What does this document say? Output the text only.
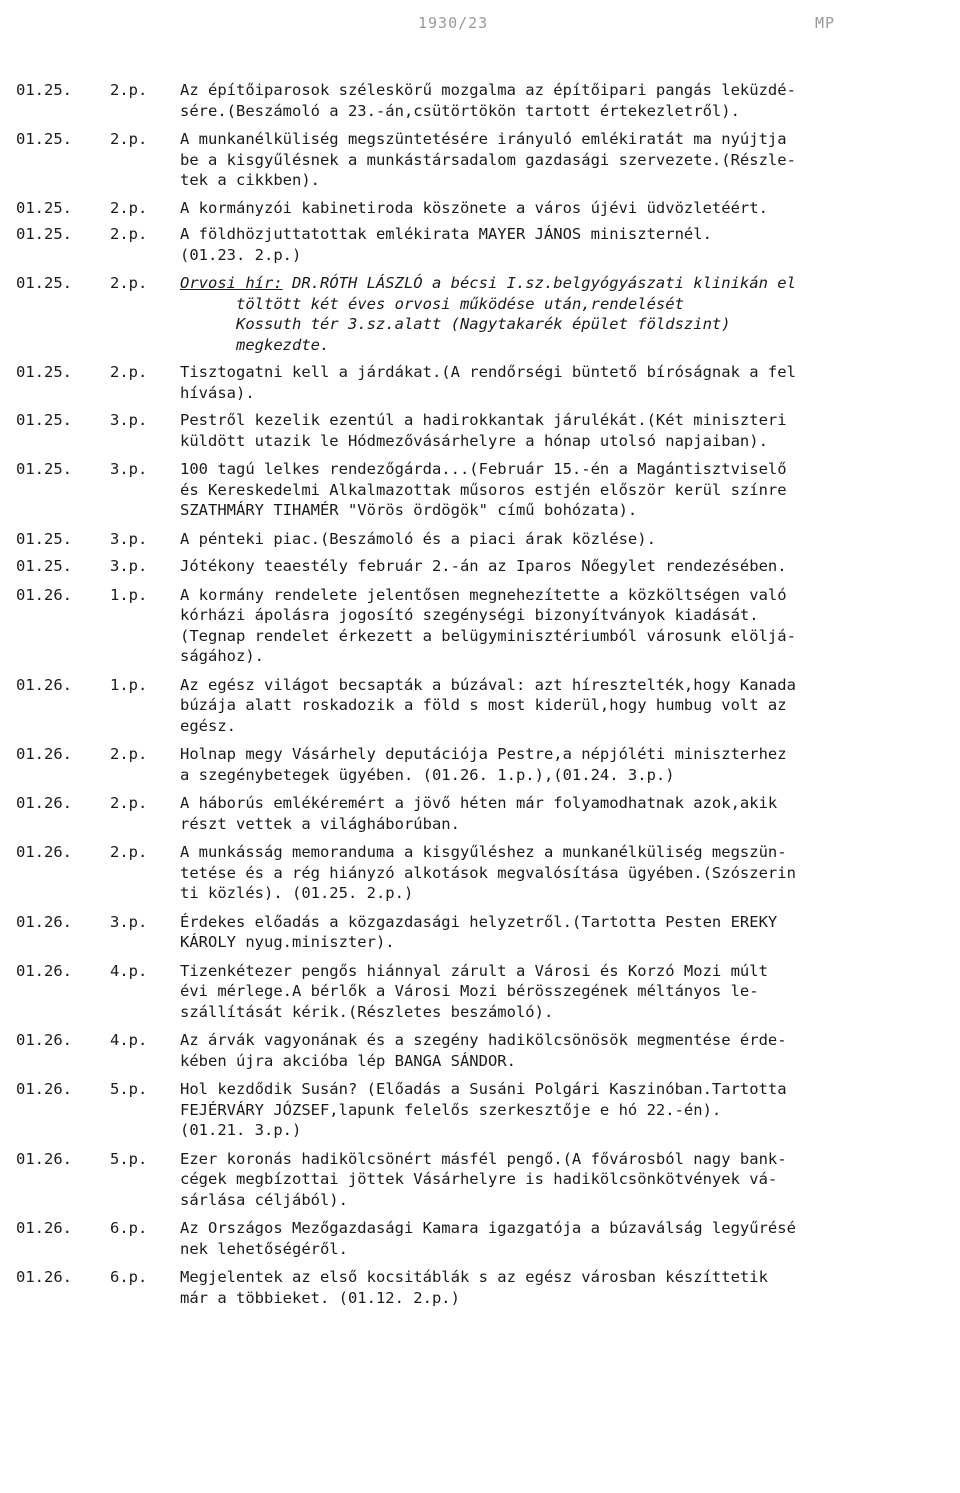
1930/23	MP
01.25. 2.p. Az építőiparosok széleskörű mozgalma az építőipari pangás leküzdé-
sére.(Beszámoló a 23.-án,csütörtökön tartott értekezletről).
01.25. 2.p. A munkanélküliség megszüntetésére irányuló emlékiratát ma nyújtja
be a kisgyűlésnek a munkástársadalom gazdasági szervezete.(Részle-
tek a cikkben).
01.25. 2.p. A kormányzói kabinetiroda köszönete a város újévi üdvözletéért.
01.25. 2.p. A földhözjuttatottak emlékirata MAYER JÁNOS miniszternél.
(01.23. 2.p.)
01.25. 2.p. Orvosi hír: DR.RÓTH LÁSZLÓ a bécsi I.sz.belgyógyászati klinikán el
töltött két éves orvosi működése után,rendelését
Kossuth tér 3.sz.alatt (Nagytakarék épület földszint)
megkezdte.
01.25. 2.p. Tisztogatni kell a járdákat.(A rendőrségi büntető bíróságnak a fel
hívása).
01.25. 3.p. Pestről kezelik ezentúl a hadirokkantak járulékát.(Két miniszteri
küldött utazik le Hódmezővásárhelyre a hónap utolsó napjaiban).
01.25. 3.p. 100 tagú lelkes rendezőgárda...(Február 15.-én a Magántisztviselő
és Kereskedelmi Alkalmazottak műsoros estjén először kerül színre
SZATHMÁRY TIHAMÉR "Vörös ördögök" című bohózata).
01.25. 3.p. A pénteki piac.(Beszámoló és a piaci árak közlése).
01.25. 3.p. Jótékony teaestély február 2.-án az Iparos Nőegylet rendezésében.
01.26. 1.p. A kormány rendelete jelentősen megnehezítette a közköltségen való
kórházi ápolásra jogosító szegénységi bizonyítványok kiadását.
(Tegnap rendelet érkezett a belügyminisztériumból városunk elöljá-
ságához).
01.26. 1.p. Az egész világot becsapták a búzával: azt híresztelték,hogy Kanada
búzája alatt roskadozik a föld s most kiderül,hogy humbug volt az
egész.
01.26. 2.p. Holnap megy Vásárhely deputációja Pestre,a népjóléti miniszterhez
a szegénybetegek ügyében. (01.26. 1.p.),(01.24. 3.p.)
01.26. 2.p. A háborús emlékéremért a jövő héten már folyamodhatnak azok,akik
részt vettek a világháborúban.
01.26. 2.p. A munkásság memoranduma a kisgyűléshez a munkanélküliség megszün-
tetése és a rég hiányzó alkotások megvalósítása ügyében.(Szószerin
ti közlés). (01.25. 2.p.)
01.26. 3.p. Érdekes előadás a közgazdasági helyzetről.(Tartotta Pesten EREKY
KÁROLY nyug.miniszter).
01.26. 4.p. Tizenkétezer pengős hiánnyal zárult a Városi és Korzó Mozi múlt
évi mérlege.A bérlők a Városi Mozi bérösszegének méltányos le-
szállítását kérik.(Részletes beszámoló).
01.26. 4.p. Az árvák vagyonának és a szegény hadikölcsönösök megmentése érde-
kében újra akcióba lép BANGA SÁNDOR.
01.26. 5.p. Hol kezdődik Susán? (Előadás a Susáni Polgári Kaszinóban.Tartotta
FEJÉRVÁRY JÓZSEF,lapunk felelős szerkesztője e hó 22.-én).
(01.21. 3.p.)
01.26. 5.p. Ezer koronás hadikölcsönért másfél pengő.(A fővárosból nagy bank-
cégek megbízottai jöttek Vásárhelyre is hadikölcsönkötvények vá-
sárlása céljából).
01.26. 6.p. Az Országos Mezőgazdasági Kamara igazgatója a búzaválság legyűrésé
nek lehetőségéről.
01.26. 6.p. Megjelentek az első kocsitáblák s az egész városban készíttetik
már a többieket. (01.12. 2.p.)
